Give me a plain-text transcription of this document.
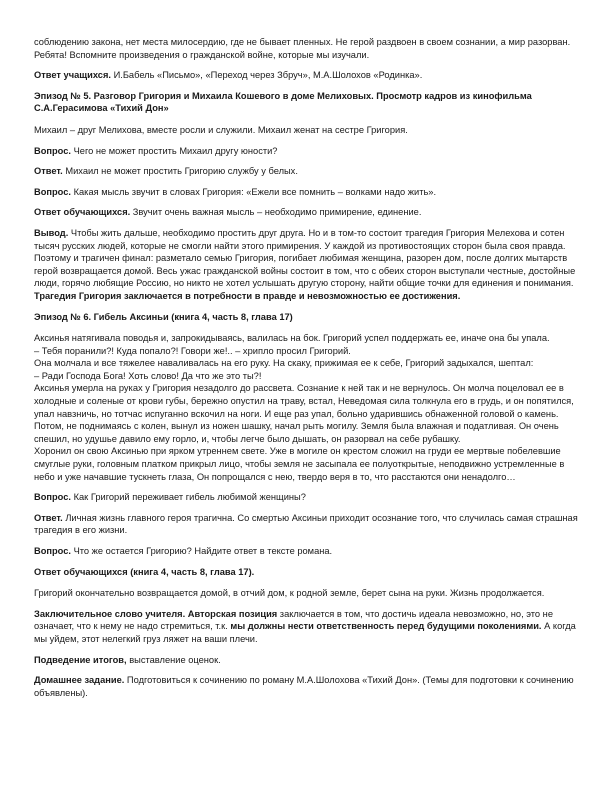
соблюдению закона, нет места милосердию, где не бывает пленных. Не герой раздвоен в своем сознании, а мир разорван. Ребята! Вспомните произведения о гражданской войне, которые мы изучали.

Ответ учащихся. И.Бабель «Письмо», «Переход через Збруч», М.А.Шолохов «Родинка».

Эпизод № 5. Разговор Григория и Михаила Кошевого в доме Мелиховых. Просмотр кадров из кинофильма С.А.Герасимова «Тихий Дон»

Михаил – друг Мелихова, вместе росли и служили. Михаил женат на сестре Григория.

Вопрос. Чего не может простить Михаил другу юности?

Ответ. Михаил не может простить Григорию службу у белых.

Вопрос. Какая мысль звучит в словах Григория: «Ежели все помнить – волками надо жить».

Ответ обучающихся. Звучит очень важная мысль – необходимо примирение, единение.

Вывод. Чтобы жить дальше, необходимо простить друг друга. Но и в том-то состоит трагедия Григория Мелехова и сотен тысяч русских людей, которые не смогли найти этого примирения. У каждой из противостоящих сторон была своя правда. Поэтому и трагичен финал: разметало семью Григория, погибает любимая женщина, разорен дом, после долгих мытарств герой возвращается домой. Весь ужас гражданской войны состоит в том, что с обеих сторон выступали честные, достойные люди, горячо любящие Россию, но никто не хотел услышать другую сторону, найти общие точки для единения и понимания. Трагедия Григория заключается в потребности в правде и невозможностью ее достижения.

Эпизод № 6. Гибель Аксиньи (книга 4, часть 8, глава 17)

Аксинья натягивала поводья и, запрокидываясь, валилась на бок. Григорий успел поддержать ее, иначе она бы упала.

– Тебя поранили?! Куда попало?! Говори же!.. – хрипло просил Григорий.

Она молчала и все тяжелее наваливалась на его руку. На скаку, прижимая ее к себе, Григорий задыхался, шептал:

– Ради Господа Бога! Хоть слово! Да что же это ты?!

Аксинья умерла на руках у Григория незадолго до рассвета. Сознание к ней так и не вернулось. Он молча поцеловал ее в холодные и соленые от крови губы, бережно опустил на траву, встал, Неведомая сила толкнула его в грудь, и он попятился, упал навзничь, но тотчас испуганно вскочил на ноги. И еще раз упал, больно ударившись обнаженной головой о камень. Потом, не поднимаясь с колен, вынул из ножен шашку, начал рыть могилу. Земля была влажная и податливая. Он очень спешил, но удушье давило ему горло, и, чтобы легче было дышать, он разорвал на себе рубашку.

Хоронил он свою Аксинью при ярком утреннем свете. Уже в могиле он крестом сложил на груди ее мертвые побелевшие смуглые руки, головным платком прикрыл лицо, чтобы земля не засыпала ее полуоткрытые, неподвижно устремленные в небо и уже начавшие тускнеть глаза, Он попрощался с нею, твердо веря в то, что расстаются они ненадолго…

Вопрос. Как Григорий переживает гибель любимой женщины?

Ответ. Личная жизнь главного героя трагична. Со смертью Аксиньи приходит осознание того, что случилась самая страшная трагедия в его жизни.

Вопрос. Что же остается Григорию? Найдите ответ в тексте романа.

Ответ обучающихся (книга 4, часть 8, глава 17).

Григорий окончательно возвращается домой, в отчий дом, к родной земле, берет сына на руки. Жизнь продолжается.

Заключительное слово учителя. Авторская позиция заключается в том, что достичь идеала невозможно, но, это не означает, что к нему не надо стремиться, т.к. мы должны нести ответственность перед будущими поколениями. А когда мы уйдем, этот нелегкий груз ляжет на ваши плечи.

Подведение итогов, выставление оценок.

Домашнее задание. Подготовиться к сочинению по роману М.А.Шолохова «Тихий Дон». (Темы для подготовки к сочинению объявлены).
